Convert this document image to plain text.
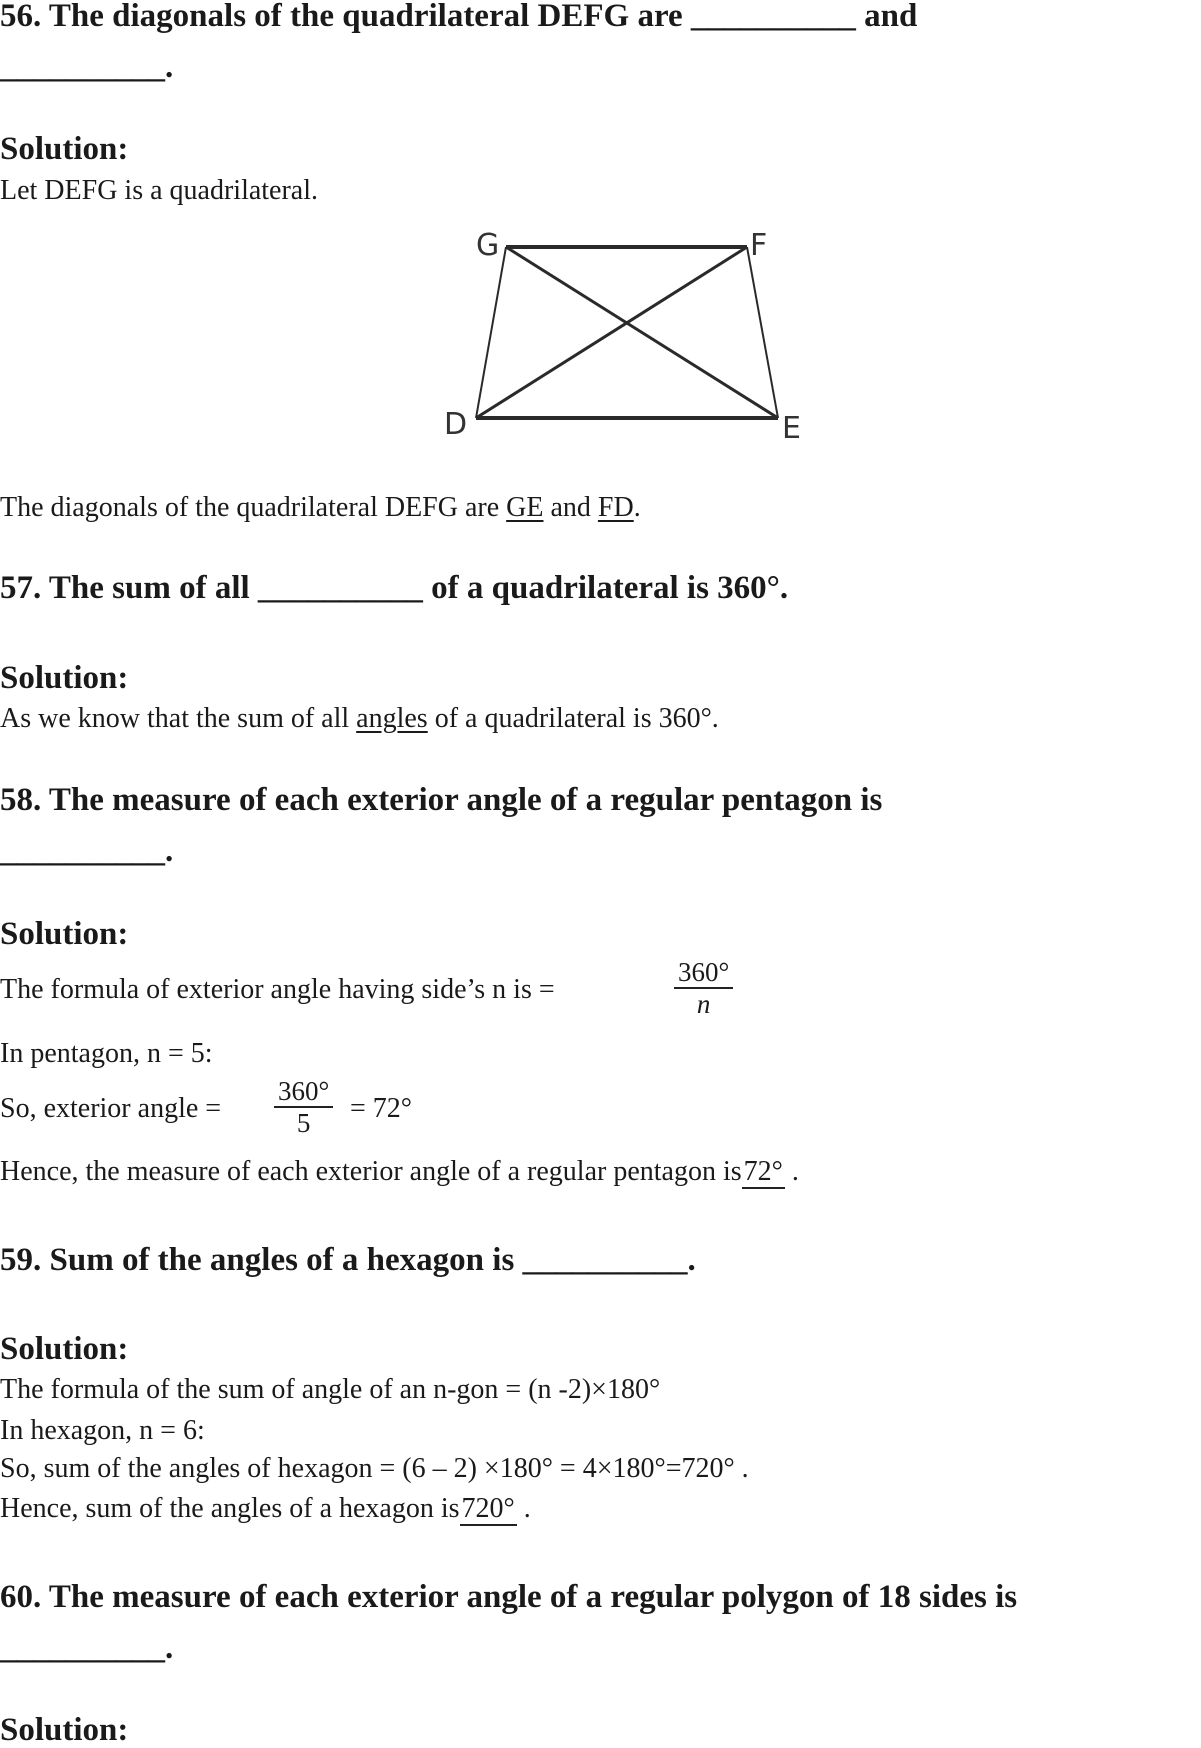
56. The diagonals of the quadrilateral DEFG are __________ and
__________.
Solution:
Let DEFG is a quadrilateral.
G	F
D	E
The diagonals of the quadrilateral DEFG are GE and FD.
57. The sum of all __________ of a quadrilateral is 360°.
Solution:
As we know that the sum of all angles of a quadrilateral is 360°.
58. The measure of each exterior angle of a regular pentagon is
__________.
Solution:
The formula of exterior angle having side’s n is =	$\frac{360^\circ}{n}$
In pentagon, n = 5:
So, exterior angle = $\frac{360^\circ}{5} = 72^\circ$
Hence, the measure of each exterior angle of a regular pentagon is72° .
59. Sum of the angles of a hexagon is __________.
Solution:
The formula of the sum of angle of an n-gon = (n -2)×180°
In hexagon, n = 6:
So, sum of the angles of hexagon = (6 – 2) ×180° = 4×180°=720° .
Hence, sum of the angles of a hexagon is720° .
60. The measure of each exterior angle of a regular polygon of 18 sides is
__________.
Solution:
